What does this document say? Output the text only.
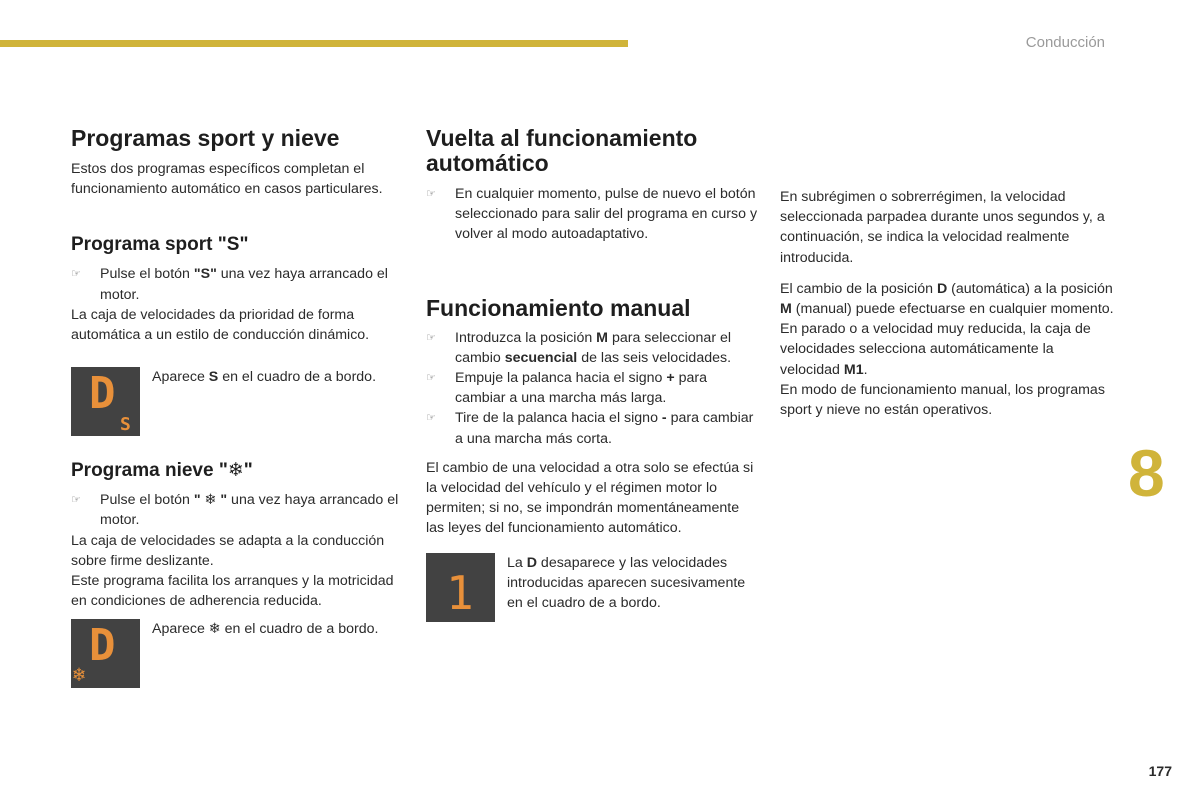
Conducción
8
177
Programas sport y nieve

Estos dos programas específicos completan el funcionamiento automático en casos particulares.

Programa sport "S"
☞ Pulse el botón "S" una vez haya arrancado el motor.

La caja de velocidades da prioridad de forma automática a un estilo de conducción dinámico.

D
S
Aparece S en el cuadro de a bordo.
Programa nieve "❄"
☞ Pulse el botón " ❄ " una vez haya arrancado el motor.

La caja de velocidades se adapta a la conducción sobre firme deslizante.

Este programa facilita los arranques y la motricidad en condiciones de adherencia reducida.

D
❄
Aparece ❄ en el cuadro de a bordo.
Vuelta al funcionamiento automático
☞ En cualquier momento, pulse de nuevo el botón seleccionado para salir del programa en curso y volver al modo autoadaptativo.
Funcionamiento manual
☞ Introduzca la posición M para seleccionar el cambio secuencial de las seis velocidades.
☞ Empuje la palanca hacia el signo + para cambiar a una marcha más larga.
☞ Tire de la palanca hacia el signo - para cambiar a una marcha más corta.

El cambio de una velocidad a otra solo se efectúa si la velocidad del vehículo y el régimen motor lo permiten; si no, se impondrán momentáneamente las leyes del funcionamiento automático.

1
La D desaparece y las velocidades introducidas aparecen sucesivamente en el cuadro de a bordo.

En subrégimen o sobrerrégimen, la velocidad seleccionada parpadea durante unos segundos y, a continuación, se indica la velocidad realmente introducida.

El cambio de la posición D (automática) a la posición M (manual) puede efectuarse en cualquier momento.

En parado o a velocidad muy reducida, la caja de velocidades selecciona automáticamente la velocidad M1.

En modo de funcionamiento manual, los programas sport y nieve no están operativos.
